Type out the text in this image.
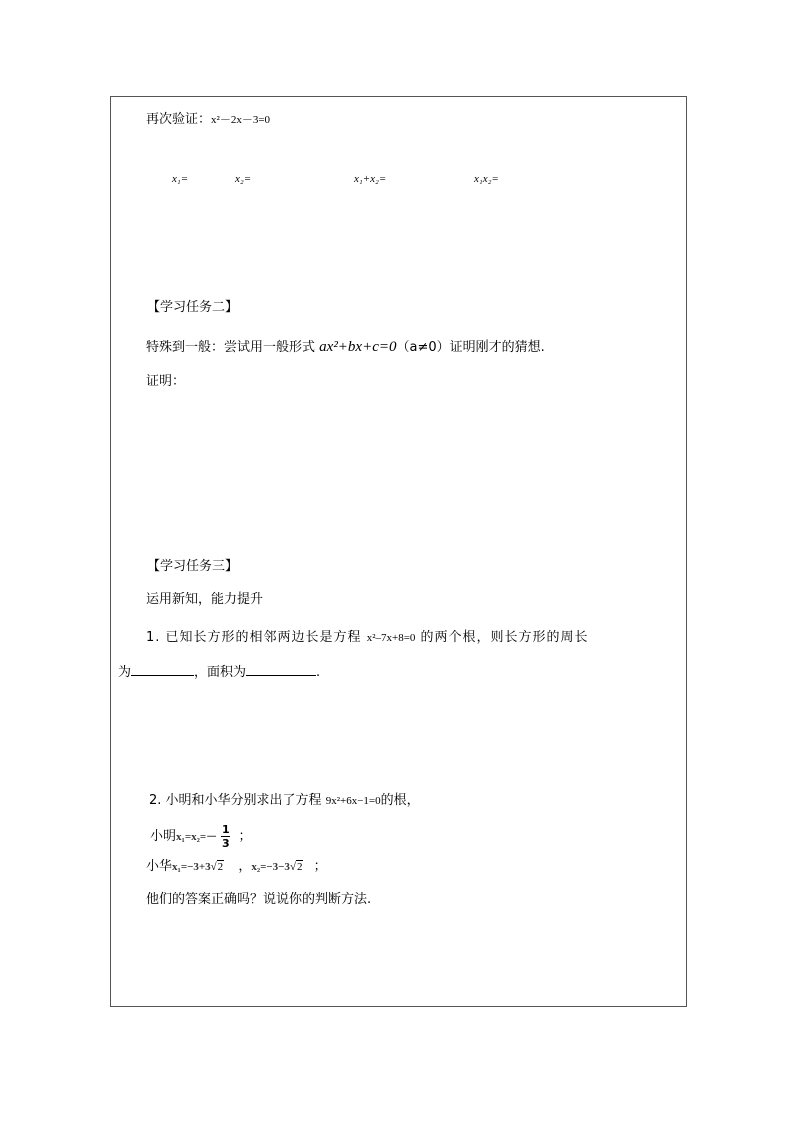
再次验证：x²－2x－3=0
x₁=	x₂=	x₁+x₂=	x₁x₂=
【学习任务二】
特殊到一般：尝试用一般形式 ax²+bx+c=0（a≠0）证明刚才的猜想.
证明：
【学习任务三】
运用新知，能力提升
1. 已知长方形的相邻两边长是方程 x²–7x+8=0 的两个根，则长方形的周长
为	，面积为	.
2. 小明和小华分别求出了方程 9x²+6x−1=0的根，
小明$x_1=x_2=- \frac{1}{3}$ ；
小华x₁=−3+3√2 ，x₂=−3−3√2 ；
他们的答案正确吗？说说你的判断方法.
